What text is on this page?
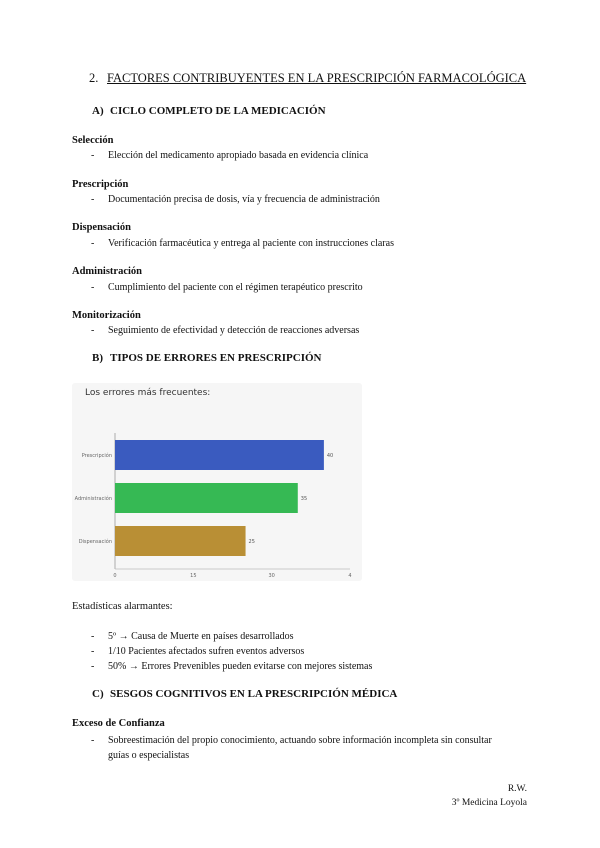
2. FACTORES CONTRIBUYENTES EN LA PRESCRIPCIÓN FARMACOLÓGICA
A) CICLO COMPLETO DE LA MEDICACIÓN
Selección
- Elección del medicamento apropiado basada en evidencia clínica
Prescripción
- Documentación precisa de dosis, vía y frecuencia de administración
Dispensación
- Verificación farmacéutica y entrega al paciente con instrucciones claras
Administración
- Cumplimiento del paciente con el régimen terapéutico prescrito
Monitorización
- Seguimiento de efectividad y detección de reacciones adversas
B) TIPOS DE ERRORES EN PRESCRIPCIÓN
Los errores más frecuentes:
Prescripción	40
Administración	35
Dispensación	25
0	15	30	4
Estadísticas alarmantes:
- 5º → Causa de Muerte en países desarrollados
- 1/10 Pacientes afectados sufren eventos adversos
- 50% → Errores Prevenibles pueden evitarse con mejores sistemas
C) SESGOS COGNITIVOS EN LA PRESCRIPCIÓN MÉDICA
Exceso de Confianza
- Sobreestimación del propio conocimiento, actuando sobre información incompleta sin consultar guías o especialistas
R.W.
3º Medicina Loyola
